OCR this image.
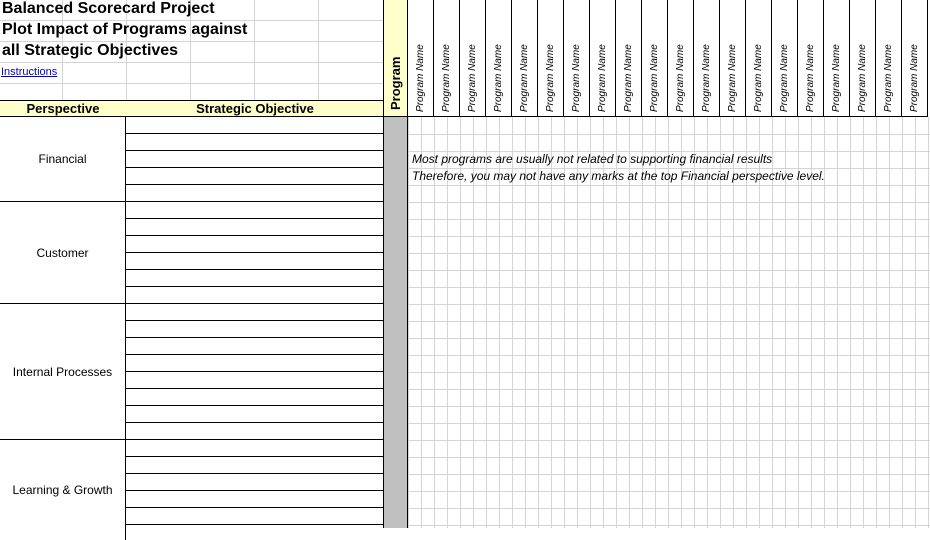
Balanced Scorecard Project
Plot Impact of Programs against
all Strategic Objectives
Instructions
Perspective	Strategic Objective	Program Program Name Program Name Program Name Program Name Program Name Program Name Program Name Program Name Program Name Program Name Program Name Program Name Program Name Program Name Program Name Program Name Program Name Program Name Program Name Program Name
Financial
Customer
Internal Processes
Learning & Growth
Most programs are usually not related to supporting financial results
Therefore, you may not have any marks at the top Financial perspective level.
